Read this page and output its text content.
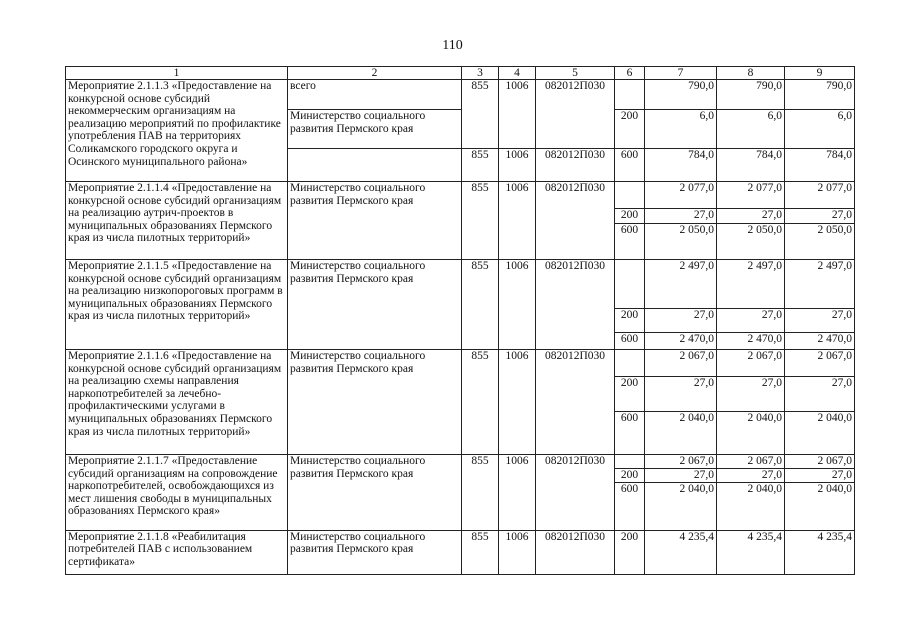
110
1	2	3	4	5	6	7	8	9
Мероприятие 2.1.1.3 «Предоставление на конкурсной основе субсидий некоммерческим организациям на реализацию мероприятий по профилактике употребления ПАВ на территориях Соликамского городского округа и Осинского муниципального района»	всего	855	1006	082012П030		790,0	790,0	790,0
	Министерство социального развития Пермского края				200	6,0	6,0	6,0
		855	1006	082012П030	600	784,0	784,0	784,0
Мероприятие 2.1.1.4 «Предоставление на конкурсной основе субсидий организациям на реализацию аутрич-проектов в муниципальных образованиях Пермского края из числа пилотных территорий»	Министерство социального развития Пермского края	855	1006	082012П030		2 077,0	2 077,0	2 077,0
					200	27,0	27,0	27,0
					600	2 050,0	2 050,0	2 050,0
Мероприятие 2.1.1.5 «Предоставление на конкурсной основе субсидий организациям на реализацию низкопороговых программ в муниципальных образованиях Пермского края из числа пилотных территорий»	Министерство социального развития Пермского края	855	1006	082012П030		2 497,0	2 497,0	2 497,0
					200	27,0	27,0	27,0
					600	2 470,0	2 470,0	2 470,0
Мероприятие 2.1.1.6 «Предоставление на конкурсной основе субсидий организациям на реализацию схемы направления наркопотребителей за лечебно-профилактическими услугами в муниципальных образованиях Пермского края из числа пилотных территорий»	Министерство социального развития Пермского края	855	1006	082012П030		2 067,0	2 067,0	2 067,0
					200	27,0	27,0	27,0
					600	2 040,0	2 040,0	2 040,0
Мероприятие 2.1.1.7 «Предоставление субсидий организациям на сопровождение наркопотребителей, освобождающихся из мест лишения свободы в муниципальных образованиях Пермского края»	Министерство социального развития Пермского края	855	1006	082012П030		2 067,0	2 067,0	2 067,0
					200	27,0	27,0	27,0
					600	2 040,0	2 040,0	2 040,0
Мероприятие 2.1.1.8 «Реабилитация потребителей ПАВ с использованием сертификата»	Министерство социального развития Пермского края	855	1006	082012П030	200	4 235,4	4 235,4	4 235,4
